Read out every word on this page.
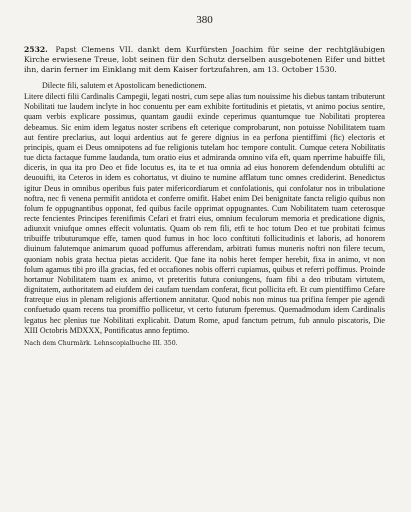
380

2532. Papst Clemens VII. dankt dem Kurfürsten Joachim für seine der rechtgläubigen Kirche erwiesene Treue, lobt seinen für den Schutz derselben ausgebotenen Eifer und bittet ihn, darin ferner im Einklang mit dem Kaiser fortzufahren, am 13. October 1530.

Dilecte fili, salutem et Apostolicam benedictionem.

Litere dilecti filii Cardinalis Campegii, legati nostri, cum sepe alias tum nouissime his diebus tantam tributerunt Nobilitati tue laudem inclyte in hoc conuentu per eam exhibite fortitudinis et pietatis, vt animo pocius sentire, quam verbis explicare possimus, quantam gaudii exinde ceperimus quantumque tue Nobilitati propterea debeamus. Sic enim idem legatus noster scribens eft ceterique comprobarunt, non potuisse Nobilitatem tuam aut fentire preclarius, aut loqui ardentius aut fe gerere dignius in ea perfona pientiffimi (fic) electoris et principis, quam ei Deus omnipotens ad fue religionis tutelam hoc tempore contulit. Cumque cetera Nobilitatis tue dicta factaque fumme laudanda, tum oratio eius et admiranda omnino vifa eft, quam nperrime habuiffe fili, diceris, in qua ita pro Deo et fide locutus es, ita te et tua omnia ad eius honorem defendendum obtulifti ac deuouifti, ita Ceteros in idem es cohortatus, vt diuino te numine afflatum tunc omnes crediderint. Benedictus igitur Deus in omnibus operibus fuis pater mifericordiarum et confolationis, qui confolatur nos in tribulatione noftra, nec fi venena permifit antidota et conferre omifit. Habet enim Dei benignitate fancta religio quibus non folum fe oppugnantibus opponat, fed quibus facile opprimat oppugnantes. Cum Nobilitatem tuam ceterosque recte fencientes Principes ferenifimis Cefari et fratri eius, omnium feculorum memoria et predicatione dignis, adiunxit vniufque omnes effecit voluntatis. Quam ob rem fili, etfi te hoc totum Deo et tue probitati fcimus tribuiffe tributurumque effe, tamen quod fumus in hoc loco conftituti follicitudinis et laboris, ad honorem diuinum falutemque animarum quoad poffumus afferendam, arbitrati fumus muneris noftri non filere tecum, quoniam nobis grata hectua pietas acciderit. Que fane ita nobis heret femper herebit, fixa in animo, vt non folum agamus tibi pro illa gracias, fed et occafiones nobis offerri cupiamus, quibus et referri poffimus. Proinde hortamur Nobilitatem tuam ex animo, vt preteritis futura coniungens, fuam fibi a deo tributam virtutem, dignitatem, authoritatem ad eiufdem dei caufam tuendam conferat, ficut pollicita eft. Et cum pientiffimo Cefare fratreque eius in plenam religionis affertionem annitatur. Quod nobis non minus tua prifina femper pie agendi confuetudo quam recens tua promiffio pollicetur, vt certo futurum fperemus. Quemadmodum idem Cardinalis legatus hec plenius tue Nobilitati explicabit. Datum Rome, apud fanctum petrum, fub annulo piscatoris, Die XIII Octobris MDXXX, Pontificatus anno feptimo.

Nach dem Churmärk. Lehnscopialbuche III. 350.
